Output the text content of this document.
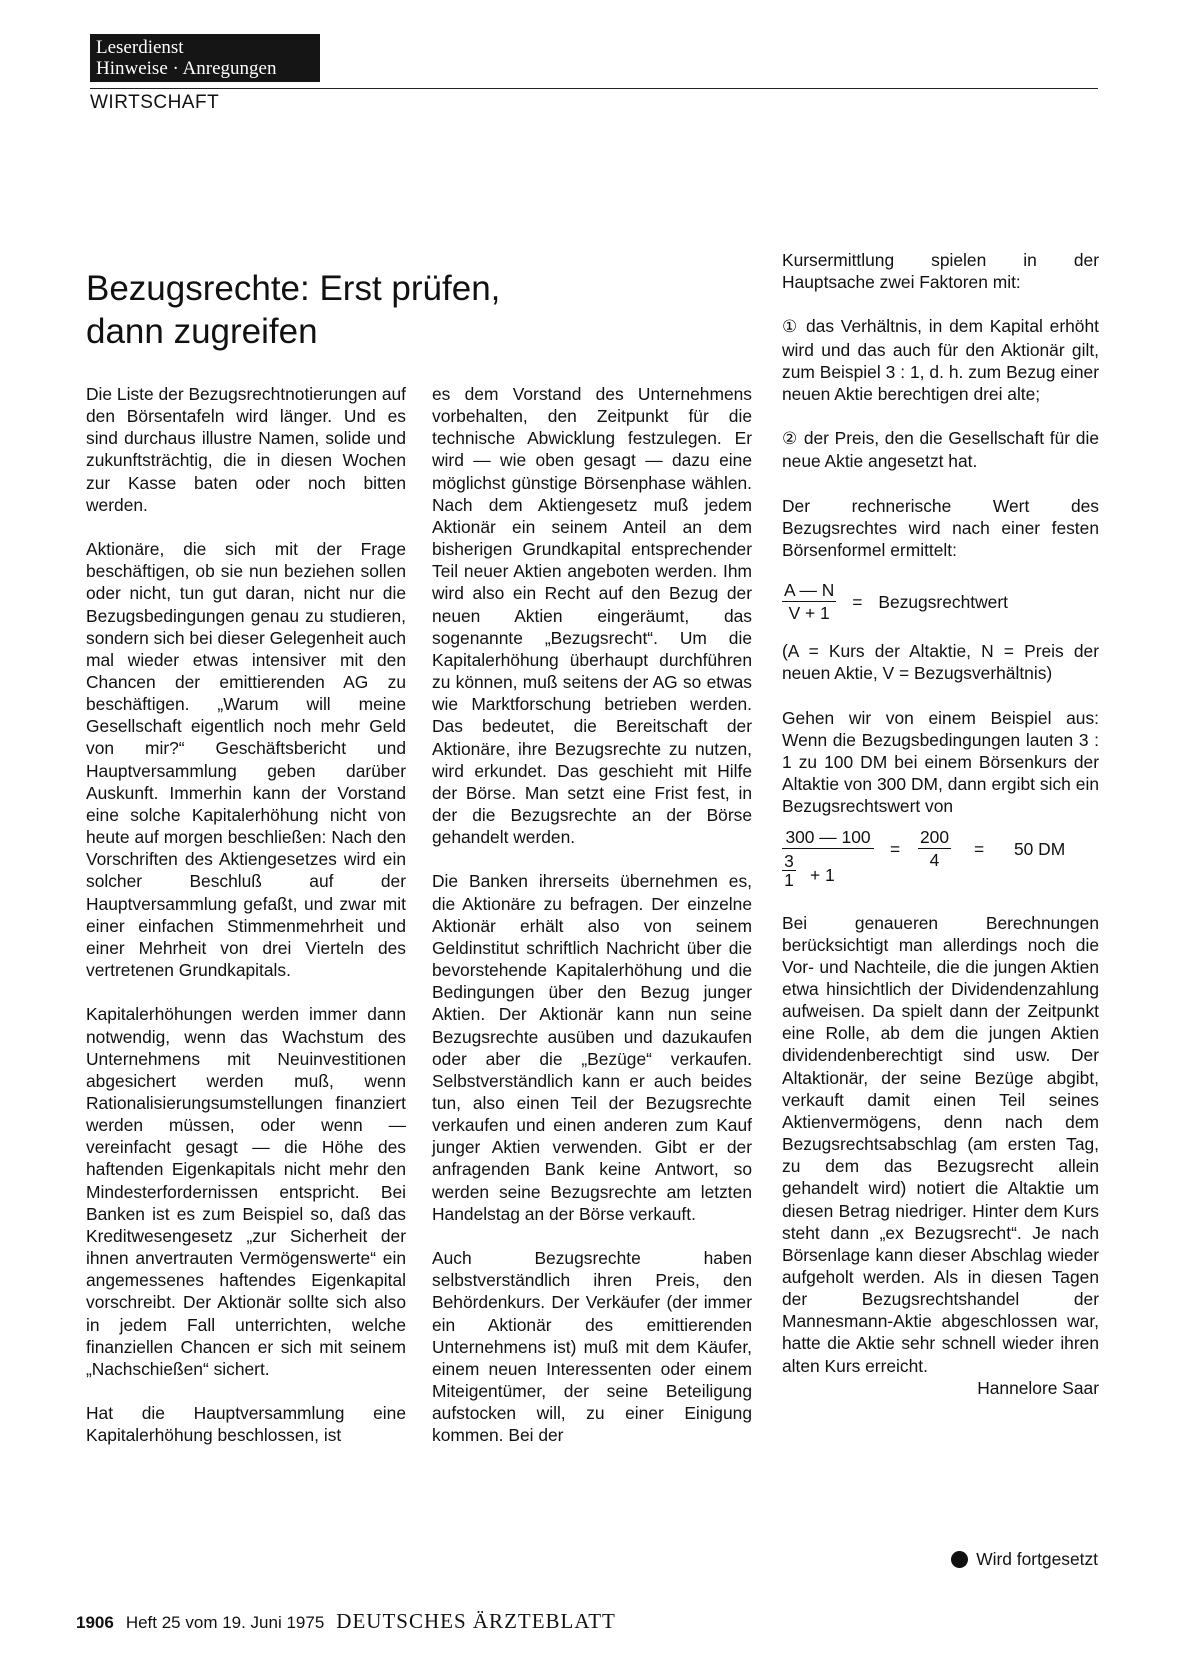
Leserdienst
Hinweise · Anregungen
WIRTSCHAFT
Bezugsrechte: Erst prüfen,
dann zugreifen

Die Liste der Bezugsrechtnotierungen auf den Börsentafeln wird länger. Und es sind durchaus illustre Namen, solide und zukunftsträchtig, die in diesen Wochen zur Kasse baten oder noch bitten werden.

Aktionäre, die sich mit der Frage beschäftigen, ob sie nun beziehen sollen oder nicht, tun gut daran, nicht nur die Bezugsbedingungen genau zu studieren, sondern sich bei dieser Gelegenheit auch mal wieder etwas intensiver mit den Chancen der emittierenden AG zu beschäftigen. „Warum will meine Gesellschaft eigentlich noch mehr Geld von mir?“ Geschäftsbericht und Hauptversammlung geben darüber Auskunft. Immerhin kann der Vorstand eine solche Kapitalerhöhung nicht von heute auf morgen beschließen: Nach den Vorschriften des Aktiengesetzes wird ein solcher Beschluß auf der Hauptversammlung gefaßt, und zwar mit einer einfachen Stimmenmehrheit und einer Mehrheit von drei Vierteln des vertretenen Grundkapitals.

Kapitalerhöhungen werden immer dann notwendig, wenn das Wachstum des Unternehmens mit Neuinvestitionen abgesichert werden muß, wenn Rationalisierungsumstellungen finanziert werden müssen, oder wenn — vereinfacht gesagt — die Höhe des haftenden Eigenkapitals nicht mehr den Mindesterfordernissen entspricht. Bei Banken ist es zum Beispiel so, daß das Kreditwesengesetz „zur Sicherheit der ihnen anvertrauten Vermögenswerte“ ein angemessenes haftendes Eigenkapital vorschreibt. Der Aktionär sollte sich also in jedem Fall unterrichten, welche finanziellen Chancen er sich mit seinem „Nachschießen“ sichert.

Hat die Hauptversammlung eine Kapitalerhöhung beschlossen, ist

es dem Vorstand des Unternehmens vorbehalten, den Zeitpunkt für die technische Abwicklung festzulegen. Er wird — wie oben gesagt — dazu eine möglichst günstige Börsenphase wählen. Nach dem Aktiengesetz muß jedem Aktionär ein seinem Anteil an dem bisherigen Grundkapital entsprechender Teil neuer Aktien angeboten werden. Ihm wird also ein Recht auf den Bezug der neuen Aktien eingeräumt, das sogenannte „Bezugsrecht“. Um die Kapitalerhöhung überhaupt durchführen zu können, muß seitens der AG so etwas wie Marktforschung betrieben werden. Das bedeutet, die Bereitschaft der Aktionäre, ihre Bezugsrechte zu nutzen, wird erkundet. Das geschieht mit Hilfe der Börse. Man setzt eine Frist fest, in der die Bezugsrechte an der Börse gehandelt werden.

Die Banken ihrerseits übernehmen es, die Aktionäre zu befragen. Der einzelne Aktionär erhält also von seinem Geldinstitut schriftlich Nachricht über die bevorstehende Kapitalerhöhung und die Bedingungen über den Bezug junger Aktien. Der Aktionär kann nun seine Bezugsrechte ausüben und dazukaufen oder aber die „Bezüge“ verkaufen. Selbstverständlich kann er auch beides tun, also einen Teil der Bezugsrechte verkaufen und einen anderen zum Kauf junger Aktien verwenden. Gibt er der anfragenden Bank keine Antwort, so werden seine Bezugsrechte am letzten Handelstag an der Börse verkauft.

Auch Bezugsrechte haben selbstverständlich ihren Preis, den Behördenkurs. Der Verkäufer (der immer ein Aktionär des emittierenden Unternehmens ist) muß mit dem Käufer, einem neuen Interessenten oder einem Miteigentümer, der seine Beteiligung aufstocken will, zu einer Einigung kommen. Bei der

Kursermittlung spielen in der Hauptsache zwei Faktoren mit:

① das Verhältnis, in dem Kapital erhöht wird und das auch für den Aktionär gilt, zum Beispiel 3 : 1, d. h. zum Bezug einer neuen Aktie berechtigen drei alte;

② der Preis, den die Gesellschaft für die neue Aktie angesetzt hat.

Der rechnerische Wert des Bezugsrechtes wird nach einer festen Börsenformel ermittelt:

$\frac{A — N}{V + 1}$ = Bezugsrechtwert

(A = Kurs der Altaktie, N = Preis der neuen Aktie, V = Bezugsverhältnis)

Gehen wir von einem Beispiel aus: Wenn die Bezugsbedingungen lauten 3 : 1 zu 100 DM bei einem Börsenkurs der Altaktie von 300 DM, dann ergibt sich ein Bezugsrechtswert von

300 — 100
$\frac{3}{1} + 1$
= $\frac{200}{4} = 50$ DM

Bei genaueren Berechnungen berücksichtigt man allerdings noch die Vor- und Nachteile, die die jungen Aktien etwa hinsichtlich der Dividendenzahlung aufweisen. Da spielt dann der Zeitpunkt eine Rolle, ab dem die jungen Aktien dividendenberechtigt sind usw. Der Altaktionär, der seine Bezüge abgibt, verkauft damit einen Teil seines Aktienvermögens, denn nach dem Bezugsrechtsabschlag (am ersten Tag, zu dem das Bezugsrecht allein gehandelt wird) notiert die Altaktie um diesen Betrag niedriger. Hinter dem Kurs steht dann „ex Bezugsrecht“. Je nach Börsenlage kann dieser Abschlag wieder aufgeholt werden. Als in diesen Tagen der Bezugsrechtshandel der Mannesmann-Aktie abgeschlossen war, hatte die Aktie sehr schnell wieder ihren alten Kurs erreicht.

Hannelore Saar

Wird fortgesetzt
1906 Heft 25 vom 19. Juni 1975 DEUTSCHES ÄRZTEBLATT
